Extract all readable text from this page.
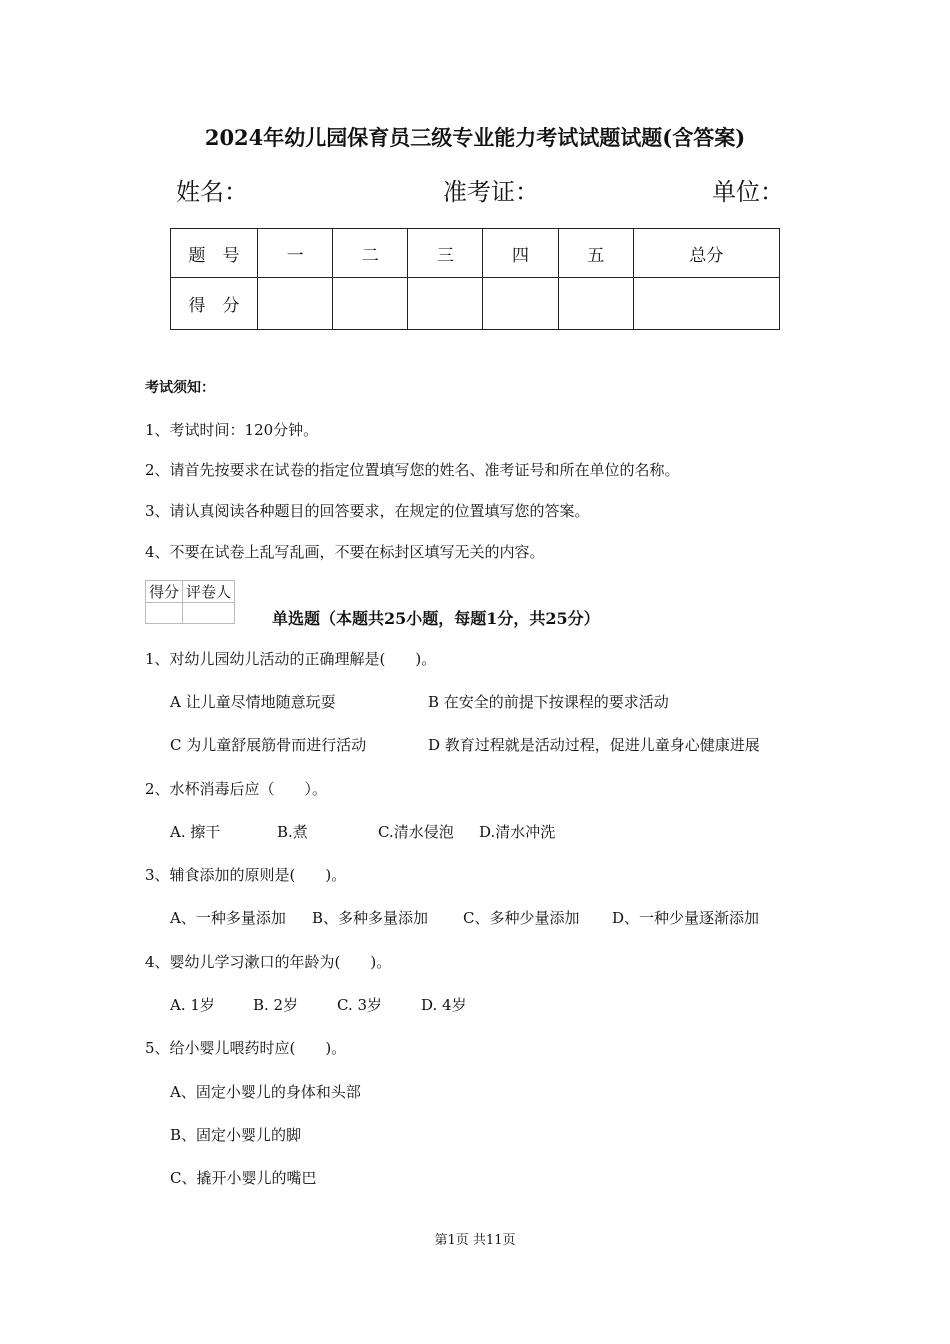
2024年幼儿园保育员三级专业能力考试试题试题(含答案)
姓名：	准考证：	单位：
题　号	一	二	三	四	五	总分
得　分						
考试须知：
1、考试时间：120分钟。
2、请首先按要求在试卷的指定位置填写您的姓名、准考证号和所在单位的名称。
3、请认真阅读各种题目的回答要求，在规定的位置填写您的答案。
4、不要在试卷上乱写乱画，不要在标封区填写无关的内容。
得分	评卷人

单选题（本题共25小题，每题1分，共25分）
1、对幼儿园幼儿活动的正确理解是(　　)。
A 让儿童尽情地随意玩耍	B 在安全的前提下按课程的要求活动
C 为儿童舒展筋骨而进行活动	D 教育过程就是活动过程，促进儿童身心健康进展
2、水杯消毒后应（　　）。
A. 擦干	B.煮	C.清水侵泡 D.清水冲洗
3、辅食添加的原则是(　　)。
A、一种多量添加 B、多种多量添加 C、多种少量添加 D、一种少量逐渐添加
4、婴幼儿学习漱口的年龄为(　　)。
A. 1岁	B. 2岁	C. 3岁	D. 4岁
5、给小婴儿喂药时应(　　)。
A、固定小婴儿的身体和头部
B、固定小婴儿的脚
C、撬开小婴儿的嘴巴
第1页 共11页
